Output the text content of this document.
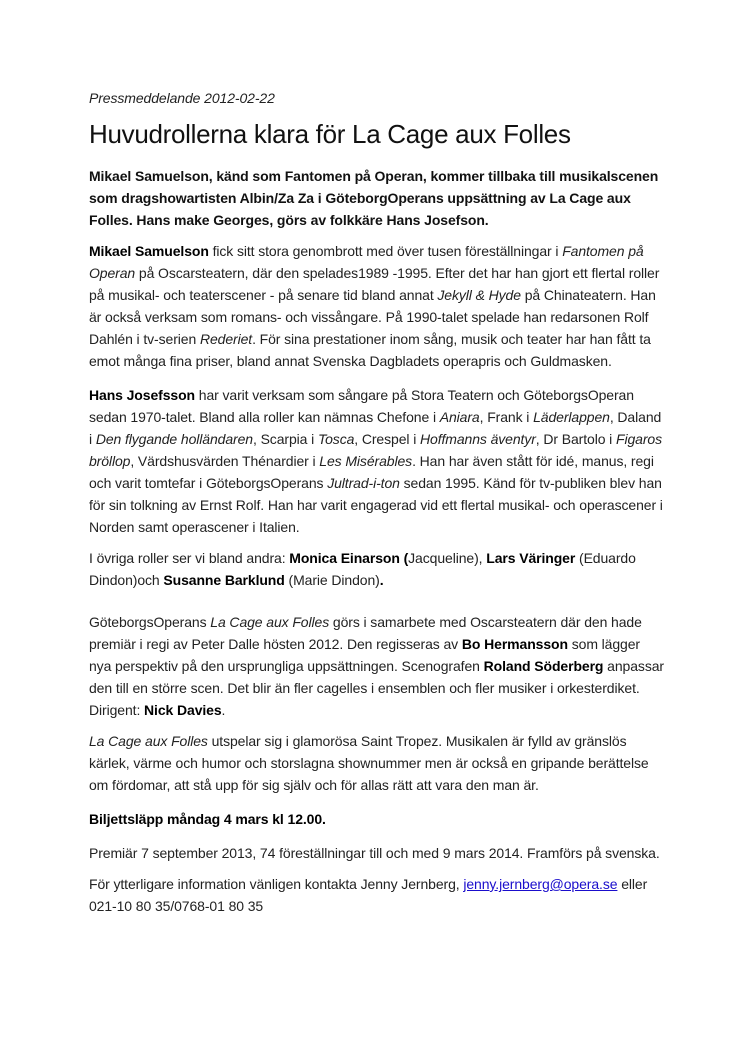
Pressmeddelande 2012-02-22

Huvudrollerna klara för La Cage aux Folles

Mikael Samuelson, känd som Fantomen på Operan, kommer tillbaka till musikalscenen som dragshowartisten Albin/Za Za i GöteborgOperans uppsättning av La Cage aux Folles. Hans make Georges, görs av folkkäre Hans Josefson.

Mikael Samuelson fick sitt stora genombrott med över tusen föreställningar i Fantomen på Operan på Oscarsteatern, där den spelades1989 -1995. Efter det har han gjort ett flertal roller på musikal- och teaterscener - på senare tid bland annat Jekyll & Hyde på Chinateatern. Han är också verksam som romans- och vissångare. På 1990-talet spelade han redarsonen Rolf Dahlén i tv-serien Rederiet. För sina prestationer inom sång, musik och teater har han fått ta emot många fina priser, bland annat Svenska Dagbladets operapris och Guldmasken.

Hans Josefsson har varit verksam som sångare på Stora Teatern och GöteborgsOperan sedan 1970-talet. Bland alla roller kan nämnas Chefone i Aniara, Frank i Läderlappen, Daland i Den flygande holländaren, Scarpia i Tosca, Crespel i Hoffmanns äventyr, Dr Bartolo i Figaros bröllop, Värdshusvärden Thénardier i Les Misérables. Han har även stått för idé, manus, regi och varit tomtefar i GöteborgsOperans Jultrad-i-ton sedan 1995. Känd för tv-publiken blev han för sin tolkning av Ernst Rolf. Han har varit engagerad vid ett flertal musikal- och operascener i Norden samt operascener i Italien.

I övriga roller ser vi bland andra: Monica Einarson (Jacqueline), Lars Väringer (Eduardo Dindon)och Susanne Barklund (Marie Dindon).

GöteborgsOperans La Cage aux Folles görs i samarbete med Oscarsteatern där den hade premiär i regi av Peter Dalle hösten 2012. Den regisseras av Bo Hermansson som lägger nya perspektiv på den ursprungliga uppsättningen. Scenografen Roland Söderberg anpassar den till en större scen. Det blir än fler cagelles i ensemblen och fler musiker i orkesterdiket. Dirigent: Nick Davies.

La Cage aux Folles utspelar sig i glamorösa Saint Tropez. Musikalen är fylld av gränslös kärlek, värme och humor och storslagna shownummer men är också en gripande berättelse om fördomar, att stå upp för sig själv och för allas rätt att vara den man är.

Biljettsläpp måndag 4 mars kl 12.00.

Premiär 7 september 2013, 74 föreställningar till och med 9 mars 2014. Framförs på svenska.

För ytterligare information vänligen kontakta Jenny Jernberg, jenny.jernberg@opera.se eller 021-10 80 35/0768-01 80 35
